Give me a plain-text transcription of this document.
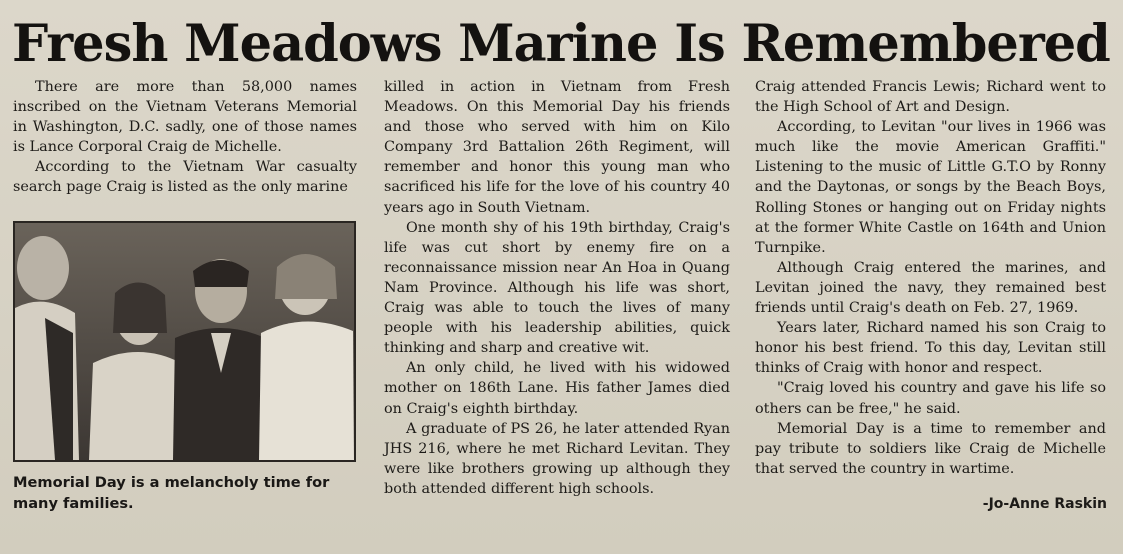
Fresh Meadows Marine Is Remembered

There are more than 58,000 names inscribed on the Vietnam Veterans Memorial in Washington, D.C. sadly, one of those names is Lance Corporal Craig de Michelle.

According to the Vietnam War casualty search page Craig is listed as the only marine

Memorial Day is a melancholy time for many families.

killed in action in Vietnam from Fresh Meadows. On this Memorial Day his friends and those who served with him on Kilo Company 3rd Battalion 26th Regiment, will remember and honor this young man who sacrificed his life for the love of his country 40 years ago in South Vietnam.

One month shy of his 19th birthday, Craig's life was cut short by enemy fire on a reconnaissance mission near An Hoa in Quang Nam Province. Although his life was short, Craig was able to touch the lives of many people with his leadership abilities, quick thinking and sharp and creative wit.

An only child, he lived with his widowed mother on 186th Lane. His father James died on Craig's eighth birthday.

A graduate of PS 26, he later attended Ryan JHS 216, where he met Richard Levitan. They were like brothers growing up although they both attended different high schools.

Craig attended Francis Lewis; Richard went to the High School of Art and Design.

According, to Levitan "our lives in 1966 was much like the movie American Graffiti." Listening to the music of Little G.T.O by Ronny and the Daytonas, or songs by the Beach Boys, Rolling Stones or hanging out on Friday nights at the former White Castle on 164th and Union Turnpike.

Although Craig entered the marines, and Levitan joined the navy, they remained best friends until Craig's death on Feb. 27, 1969.

Years later, Richard named his son Craig to honor his best friend. To this day, Levitan still thinks of Craig with honor and respect.

"Craig loved his country and gave his life so others can be free," he said.

Memorial Day is a time to remember and pay tribute to soldiers like Craig de Michelle that served the country in wartime.

-Jo-Anne Raskin
